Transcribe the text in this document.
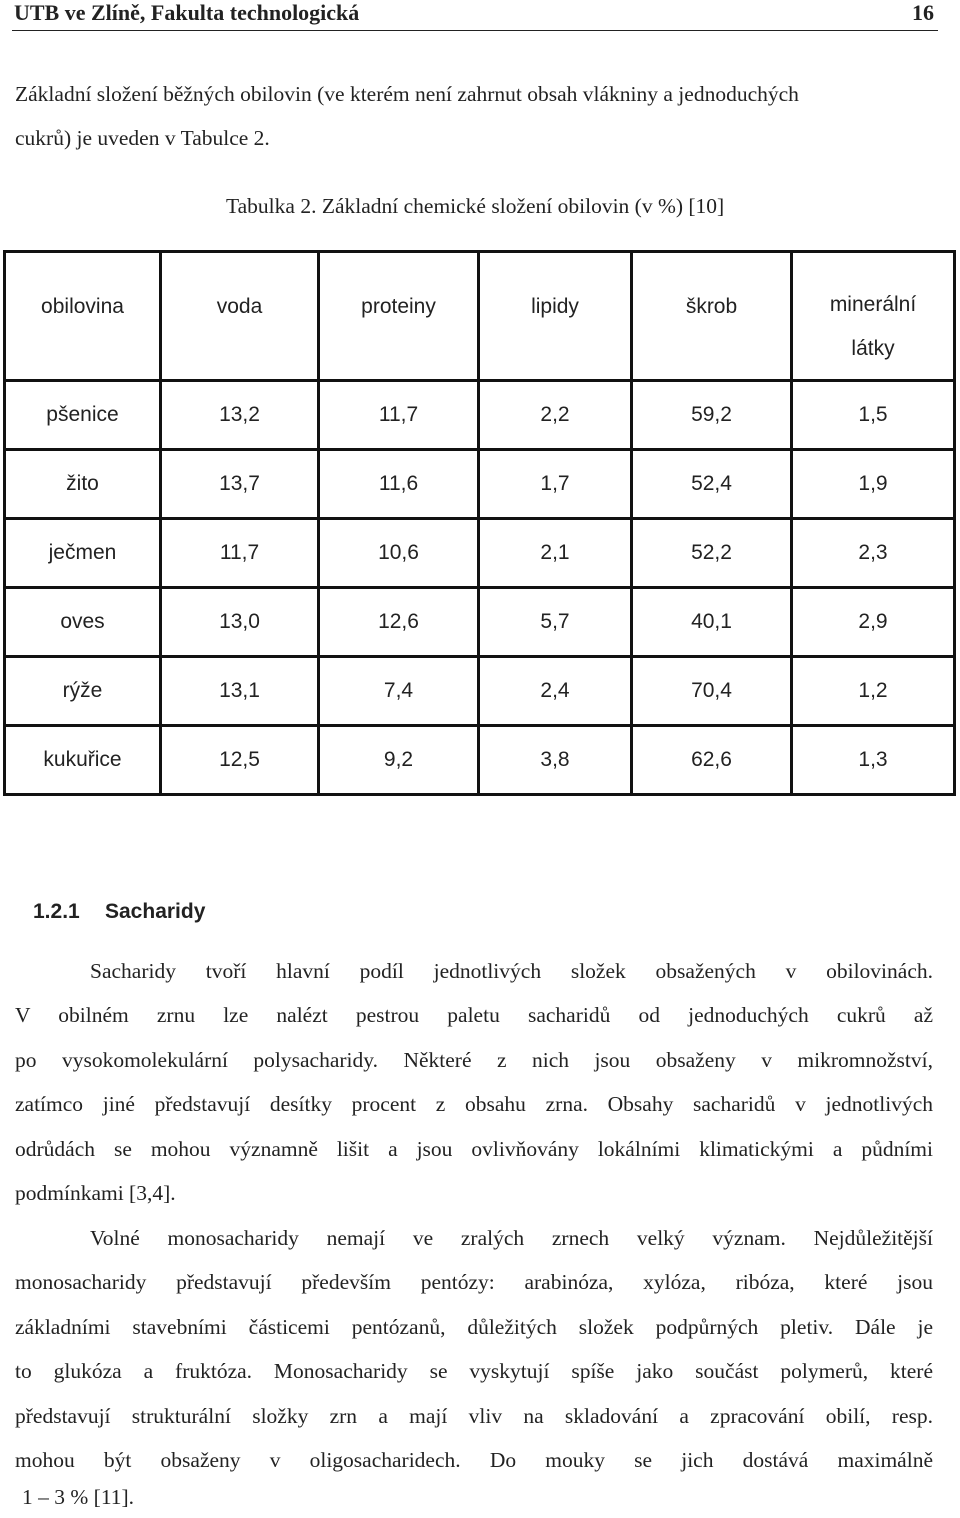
UTB ve Zlíně, Fakulta technologická	16
Základní složení běžných obilovin (ve kterém není zahrnut obsah vlákniny a jednoduchých
cukrů) je uveden v Tabulce 2.
Tabulka 2. Základní chemické složení obilovin (v %) [10]
obilovina	voda	proteiny	lipidy	škrob	minerální látky
pšenice	13,2	11,7	2,2	59,2	1,5
žito	13,7	11,6	1,7	52,4	1,9
ječmen	11,7	10,6	2,1	52,2	2,3
oves	13,0	12,6	5,7	40,1	2,9
rýže	13,1	7,4	2,4	70,4	1,2
kukuřice	12,5	9,2	3,8	62,6	1,3
1.2.1 Sacharidy
Sacharidy tvoří hlavní podíl jednotlivých složek obsažených v obilovinách.
V obilném zrnu lze nalézt pestrou paletu sacharidů od jednoduchých cukrů až
po vysokomolekulární polysacharidy. Některé z nich jsou obsaženy v mikromnožství,
zatímco jiné představují desítky procent z obsahu zrna. Obsahy sacharidů v jednotlivých
odrůdách se mohou významně lišit a jsou ovlivňovány lokálními klimatickými a půdními
podmínkami [3,4].
Volné monosacharidy nemají ve zralých zrnech velký význam. Nejdůležitější
monosacharidy představují především pentózy: arabinóza, xylóza, ribóza, které jsou
základními stavebními částicemi pentózanů, důležitých složek podpůrných pletiv. Dále je
to glukóza a fruktóza. Monosacharidy se vyskytují spíše jako součást polymerů, které
představují strukturální složky zrn a mají vliv na skladování a zpracování obilí, resp.
mohou být obsaženy v oligosacharidech. Do mouky se jich dostává maximálně
1 – 3 % [11].
